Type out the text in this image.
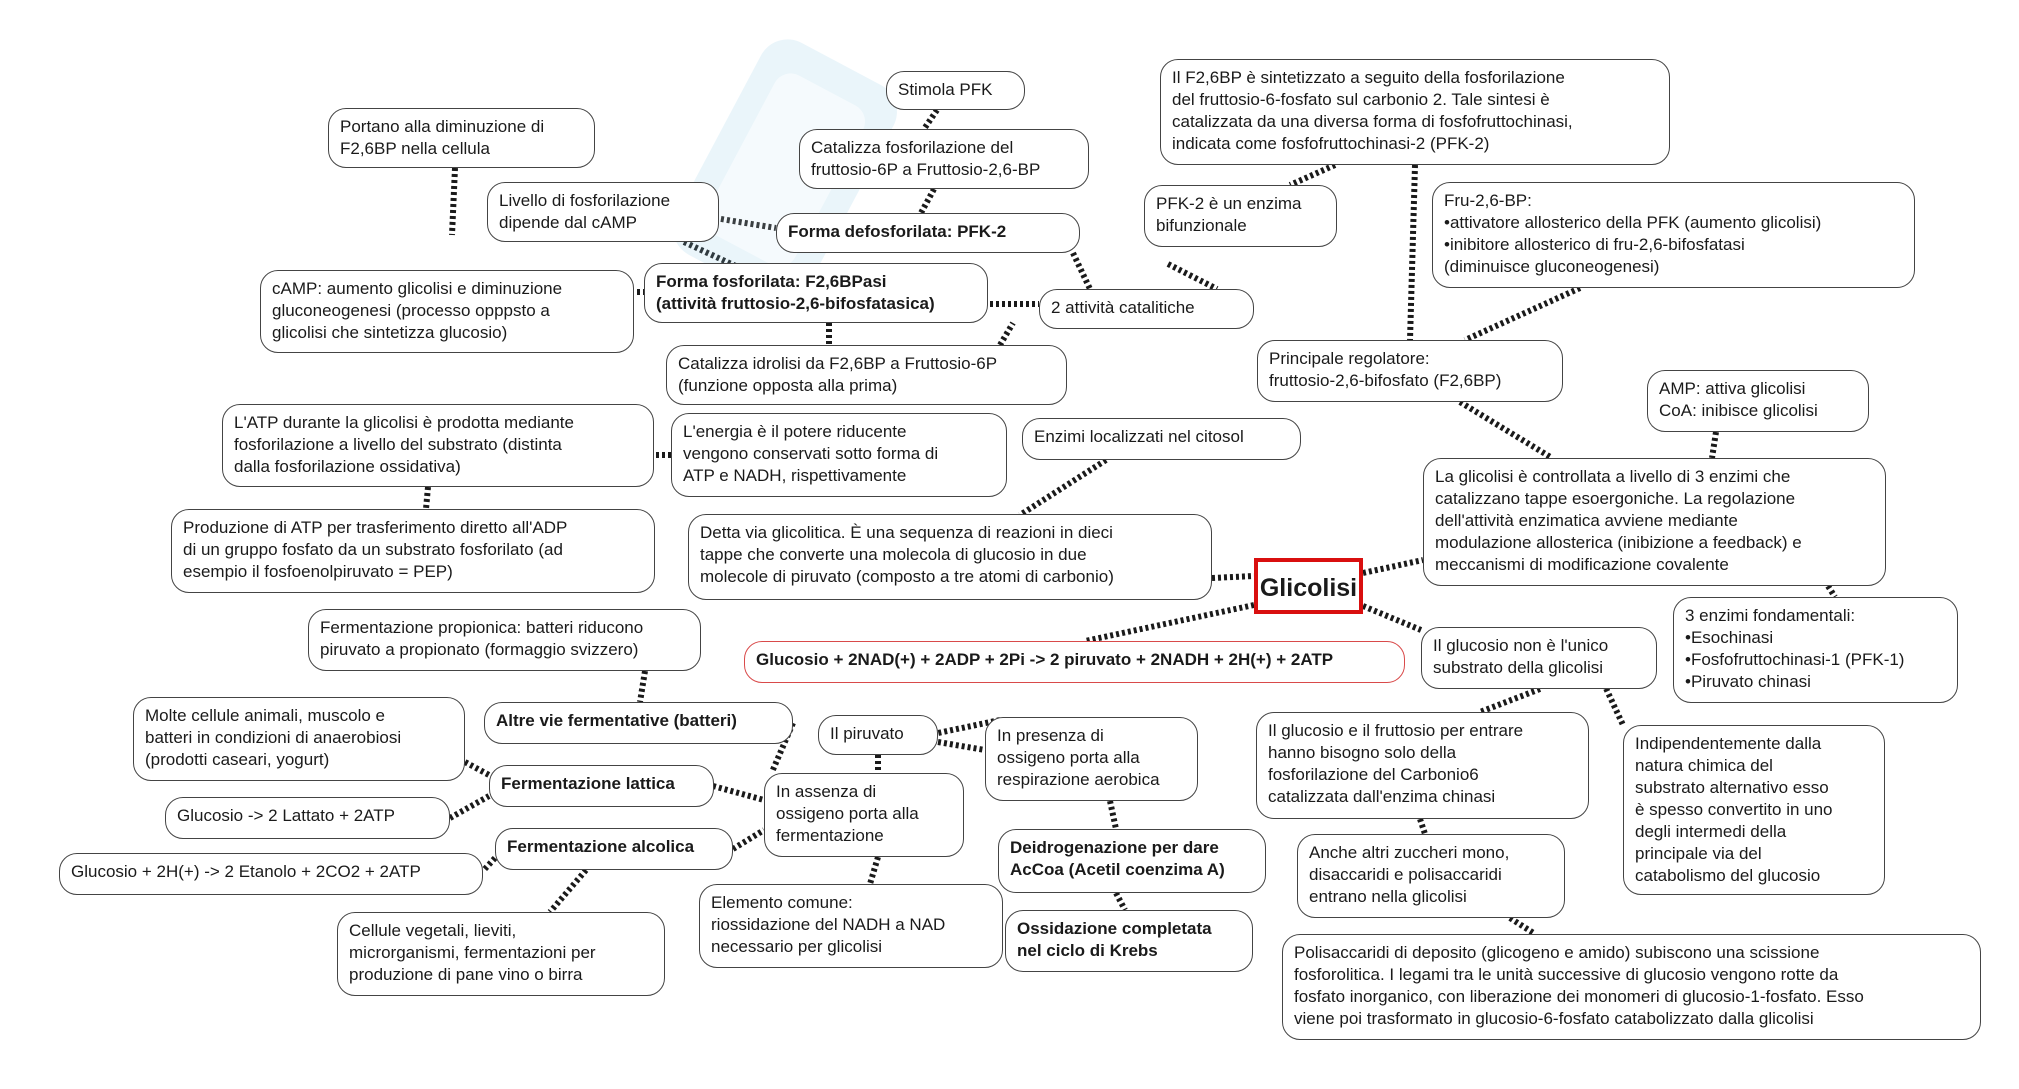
Glicolisi
Stimola PFK
Catalizza fosforilazione del
fruttosio-6P a Fruttosio-2,6-BP
Portano alla diminuzione di
F2,6BP nella cellula
Livello di fosforilazione
dipende dal cAMP	Forma defosforilata: PFK-2
cAMP: aumento glicolisi e diminuzione
gluconeogenesi (processo opppsto a
glicolisi che sintetizza glucosio)
Forma fosforilata: F2,6BPasi
(attività fruttosio-2,6-bifosfatasica)	2 attività catalitiche
Catalizza idrolisi da F2,6BP a Fruttosio-6P
(funzione opposta alla prima)
Il F2,6BP è sintetizzato a seguito della fosforilazione
del fruttosio-6-fosfato sul carbonio 2. Tale sintesi è
catalizzata da una diversa forma di fosfofruttochinasi,
indicata come fosfofruttochinasi-2 (PFK-2)
PFK-2 è un enzima
bifunzionale
Fru-2,6-BP:
•attivatore allosterico della PFK (aumento glicolisi)
•inibitore allosterico di fru-2,6-bifosfatasi
(diminuisce gluconeogenesi)
Principale regolatore:
fruttosio-2,6-bifosfato (F2,6BP)
L'ATP durante la glicolisi è prodotta mediante
fosforilazione a livello del substrato (distinta
dalla fosforilazione ossidativa)
L'energia è il potere riducente
vengono conservati sotto forma di
ATP e NADH, rispettivamente
Enzimi localizzati nel citosol
AMP: attiva glicolisi
CoA: inibisce glicolisi
Produzione di ATP per trasferimento diretto all'ADP
di un gruppo fosfato da un substrato fosforilato (ad
esempio il fosfoenolpiruvato = PEP)
Detta via glicolitica. È una sequenza di reazioni in dieci
tappe che converte una molecola di glucosio in due
molecole di piruvato (composto a tre atomi di carbonio)
La glicolisi è controllata a livello di 3 enzimi che
catalizzano tappe esoergoniche. La regolazione
dell'attività enzimatica avviene mediante
modulazione allosterica (inibizione a feedback) e
meccanismi di modificazione covalente
3 enzimi fondamentali:
•Esochinasi
•Fosfofruttochinasi-1 (PFK-1)
•Piruvato chinasi
Fermentazione propionica: batteri riducono
piruvato a propionato (formaggio svizzero)
Glucosio + 2NAD(+) + 2ADP + 2Pi -> 2 piruvato + 2NADH + 2H(+) + 2ATP
Il glucosio non è l'unico
substrato della glicolisi
Molte cellule animali, muscolo e
batteri in condizioni di anaerobiosi
(prodotti caseari, yogurt)
Altre vie fermentative (batteri)
Il piruvato	In presenza di
ossigeno porta alla
respirazione aerobica
Il glucosio e il fruttosio per entrare
hanno bisogno solo della
fosforilazione del Carbonio6
catalizzata dall'enzima chinasi
Indipendentemente dalla
natura chimica del
substrato alternativo esso
è spesso convertito in uno
degli intermedi della
principale via del
catabolismo del glucosio
Fermentazione lattica	In assenza di
ossigeno porta alla
fermentazione
Glucosio -> 2 Lattato + 2ATP
Fermentazione alcolica	Deidrogenazione per dare
AcCoa (Acetil coenzima A)
Anche altri zuccheri mono,
disaccaridi e polisaccaridi
entrano nella glicolisi
Glucosio + 2H(+) -> 2 Etanolo + 2CO2 + 2ATP
Elemento comune:
riossidazione del NADH a NAD
necessario per glicolisi
Ossidazione completata
nel ciclo di Krebs
Cellule vegetali, lieviti,
microrganismi, fermentazioni per
produzione di pane vino o birra
Polisaccaridi di deposito (glicogeno e amido) subiscono una scissione
fosforolitica. I legami tra le unità successive di glucosio vengono rotte da
fosfato inorganico, con liberazione dei monomeri di glucosio-1-fosfato. Esso
viene poi trasformato in glucosio-6-fosfato catabolizzato dalla glicolisi
